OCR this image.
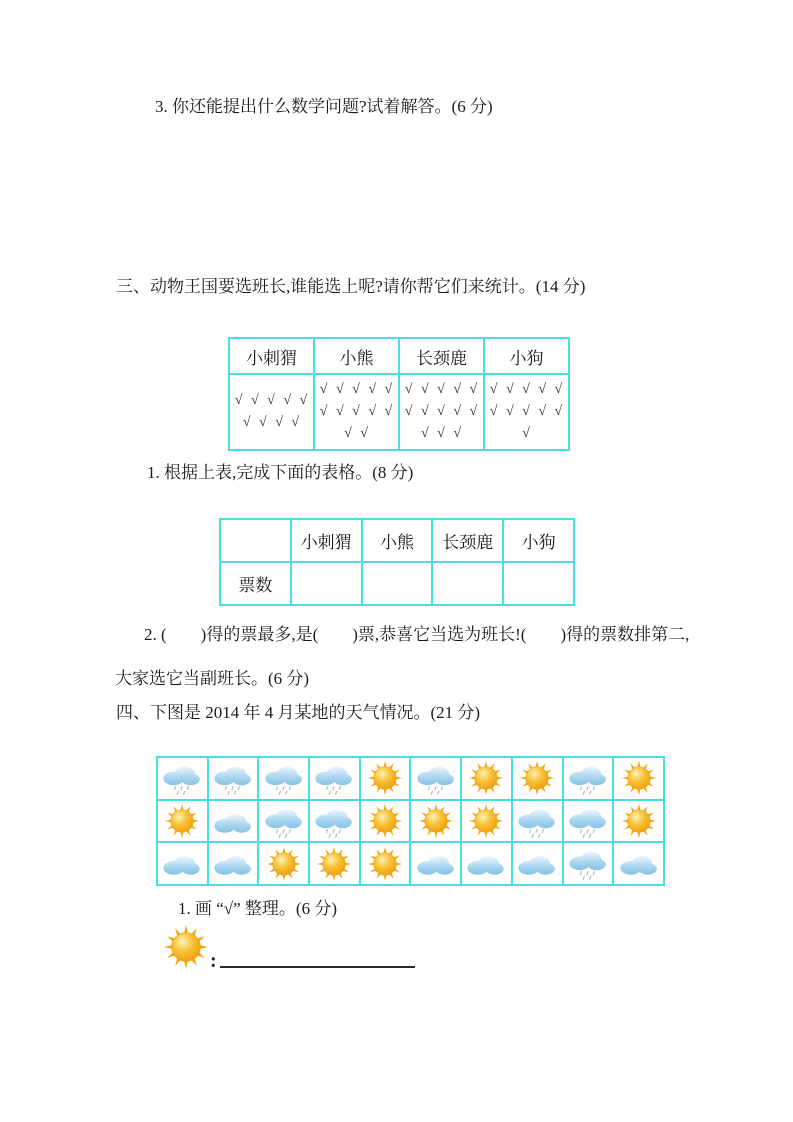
3. 你还能提出什么数学问题?试着解答。(6 分)
三、动物王国要选班长,谁能选上呢?请你帮它们来统计。(14 分)
小刺猬	小熊	长颈鹿	小狗

√ √ √ √ √
√ √ √ √

√ √ √ √ √
√ √ √ √ √
√ √

√ √ √ √ √
√ √ √ √ √
√ √ √

√ √ √ √ √
√ √ √ √ √
√
1. 根据上表,完成下面的表格。(8 分)
	小刺猬	小熊	长颈鹿	小狗
票数				
2. (　　)得的票最多,是(　　)票,恭喜它当选为班长!(　　)得的票数排第二,
大家选它当副班长。(6 分)
四、下图是 2014 年 4 月某地的天气情况。(21 分)

1. 画 “√” 整理。(6 分)
:
